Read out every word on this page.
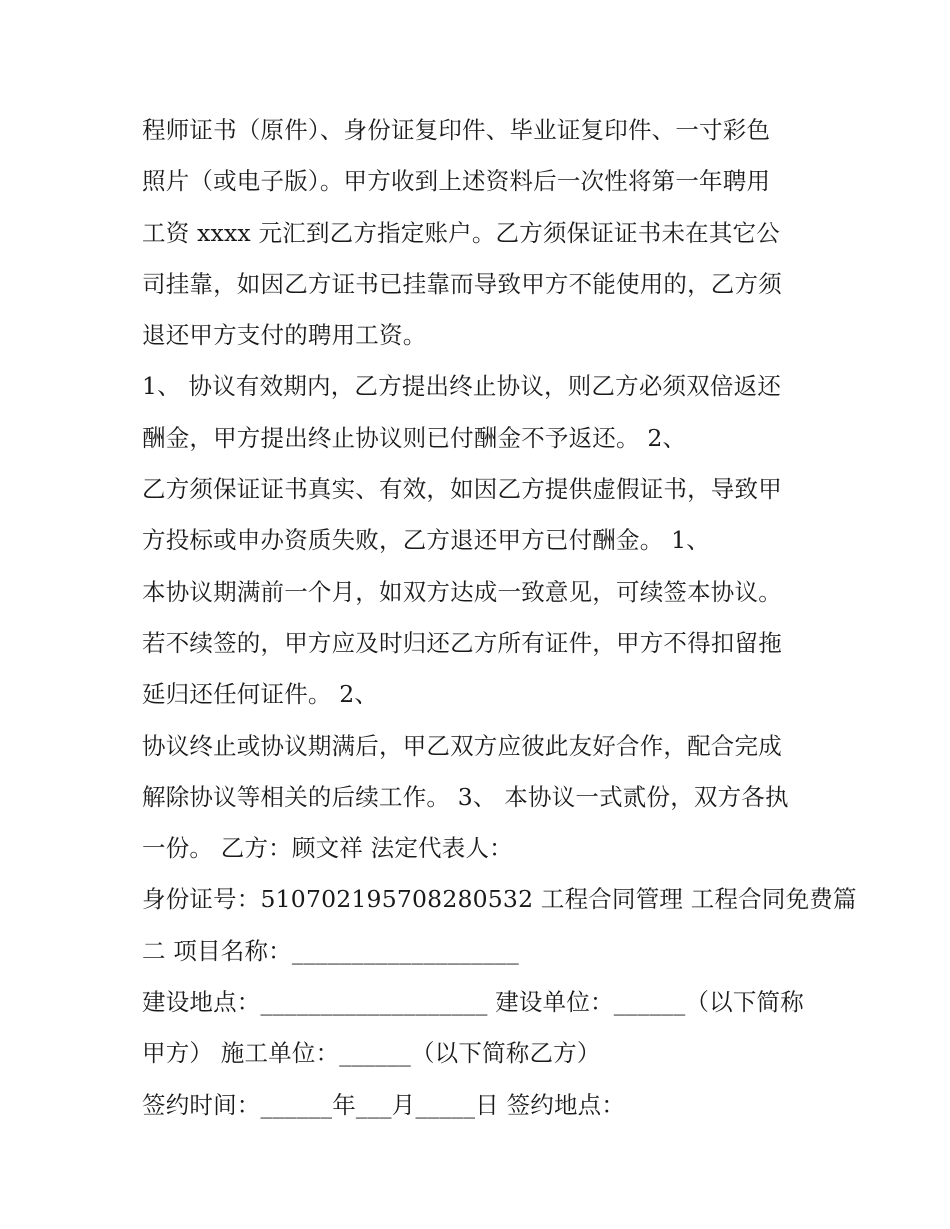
程师证书（原件）、身份证复印件、毕业证复印件、一寸彩色
照片（或电子版）。甲方收到上述资料后一次性将第一年聘用
工资 xxxx 元汇到乙方指定账户。乙方须保证证书未在其它公
司挂靠，如因乙方证书已挂靠而导致甲方不能使用的，乙方须
退还甲方支付的聘用工资。
1、 协议有效期内，乙方提出终止协议，则乙方必须双倍返还
酬金，甲方提出终止协议则已付酬金不予返还。 2、
乙方须保证证书真实、有效，如因乙方提供虚假证书，导致甲
方投标或申办资质失败，乙方退还甲方已付酬金。 1、
本协议期满前一个月，如双方达成一致意见，可续签本协议。
若不续签的，甲方应及时归还乙方所有证件，甲方不得扣留拖
延归还任何证件。 2、
协议终止或协议期满后，甲乙双方应彼此友好合作，配合完成
解除协议等相关的后续工作。 3、 本协议一式贰份，双方各执
一份。 乙方：顾文祥 法定代表人：
身份证号：510702195708280532 工程合同管理 工程合同免费篇
二 项目名称：___________________
建设地点：___________________ 建设单位：______（以下简称
甲方） 施工单位：______（以下简称乙方）
签约时间：______年___月_____日 签约地点：
